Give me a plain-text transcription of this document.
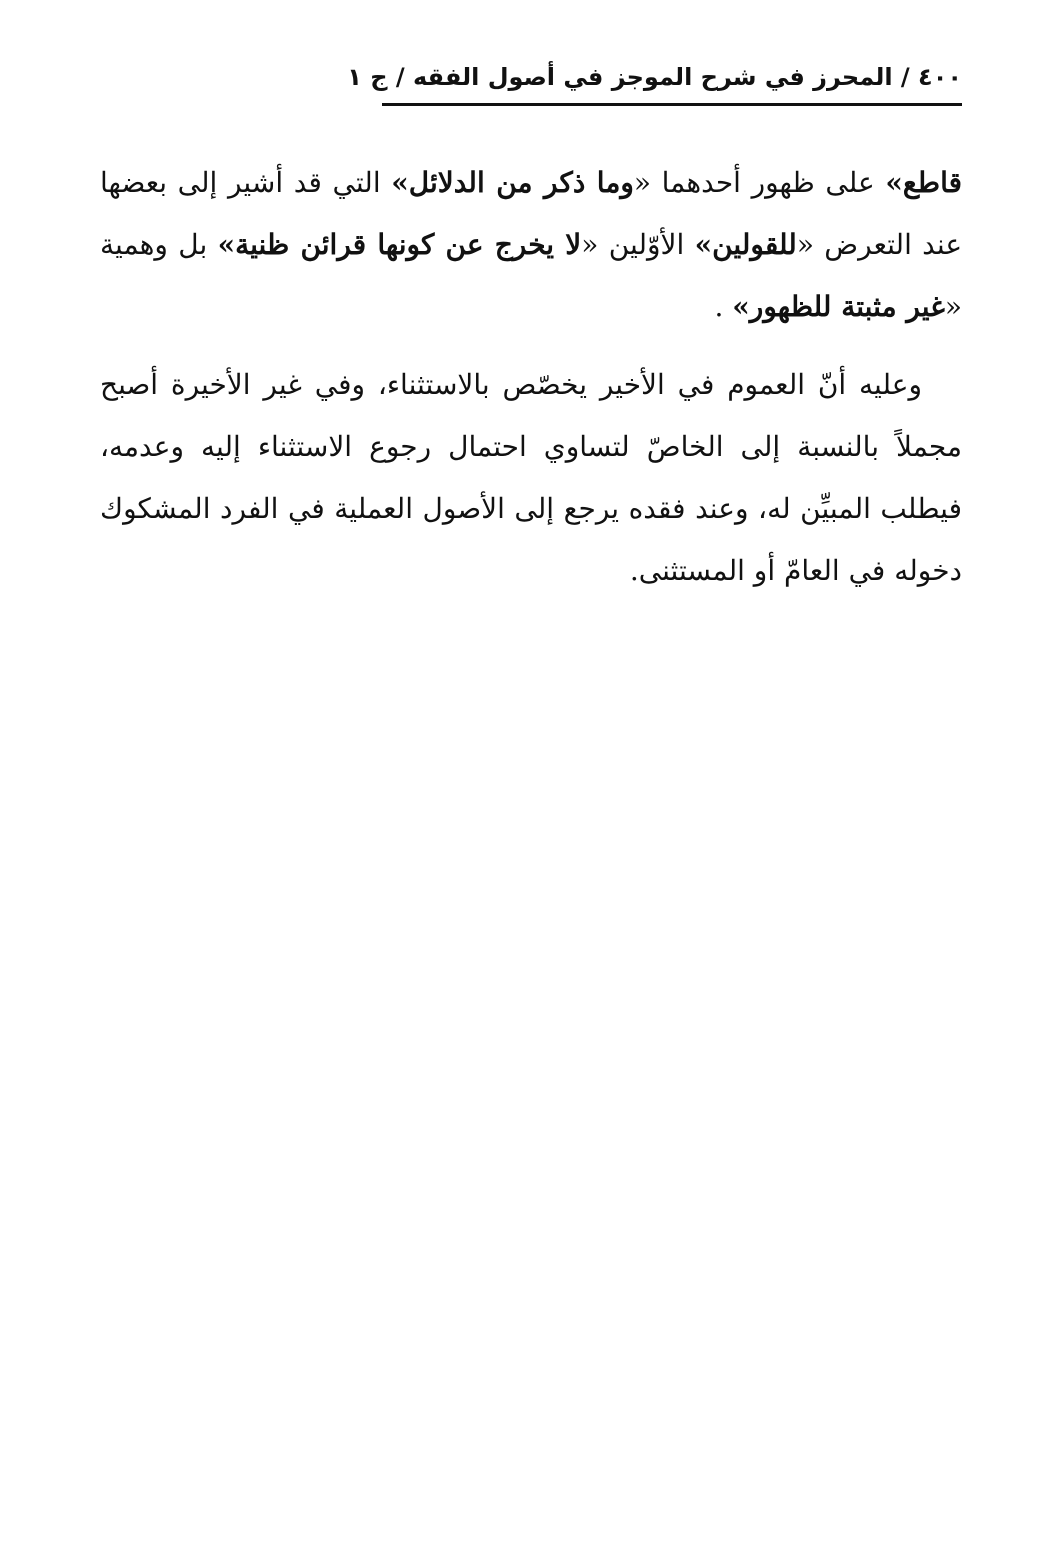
٤٠٠ / المحرز في شرح الموجز في أصول الفقه / ج ١

قاطع» على ظهور أحدهما «وما ذكر من الدلائل» التي قد أشير إلى بعضها عند التعرض «للقولين» الأوّلين «لا يخرج عن كونها قرائن ظنية» بل وهمية «غير مثبتة للظهور» .

وعليه أنّ العموم في الأخير يخصّص بالاستثناء، وفي غير الأخيرة أصبح مجملاً بالنسبة إلى الخاصّ لتساوي احتمال رجوع الاستثناء إليه وعدمه، فيطلب المبيِّن له، وعند فقده يرجع إلى الأصول العملية في الفرد المشكوك دخوله في العامّ أو المستثنى.
